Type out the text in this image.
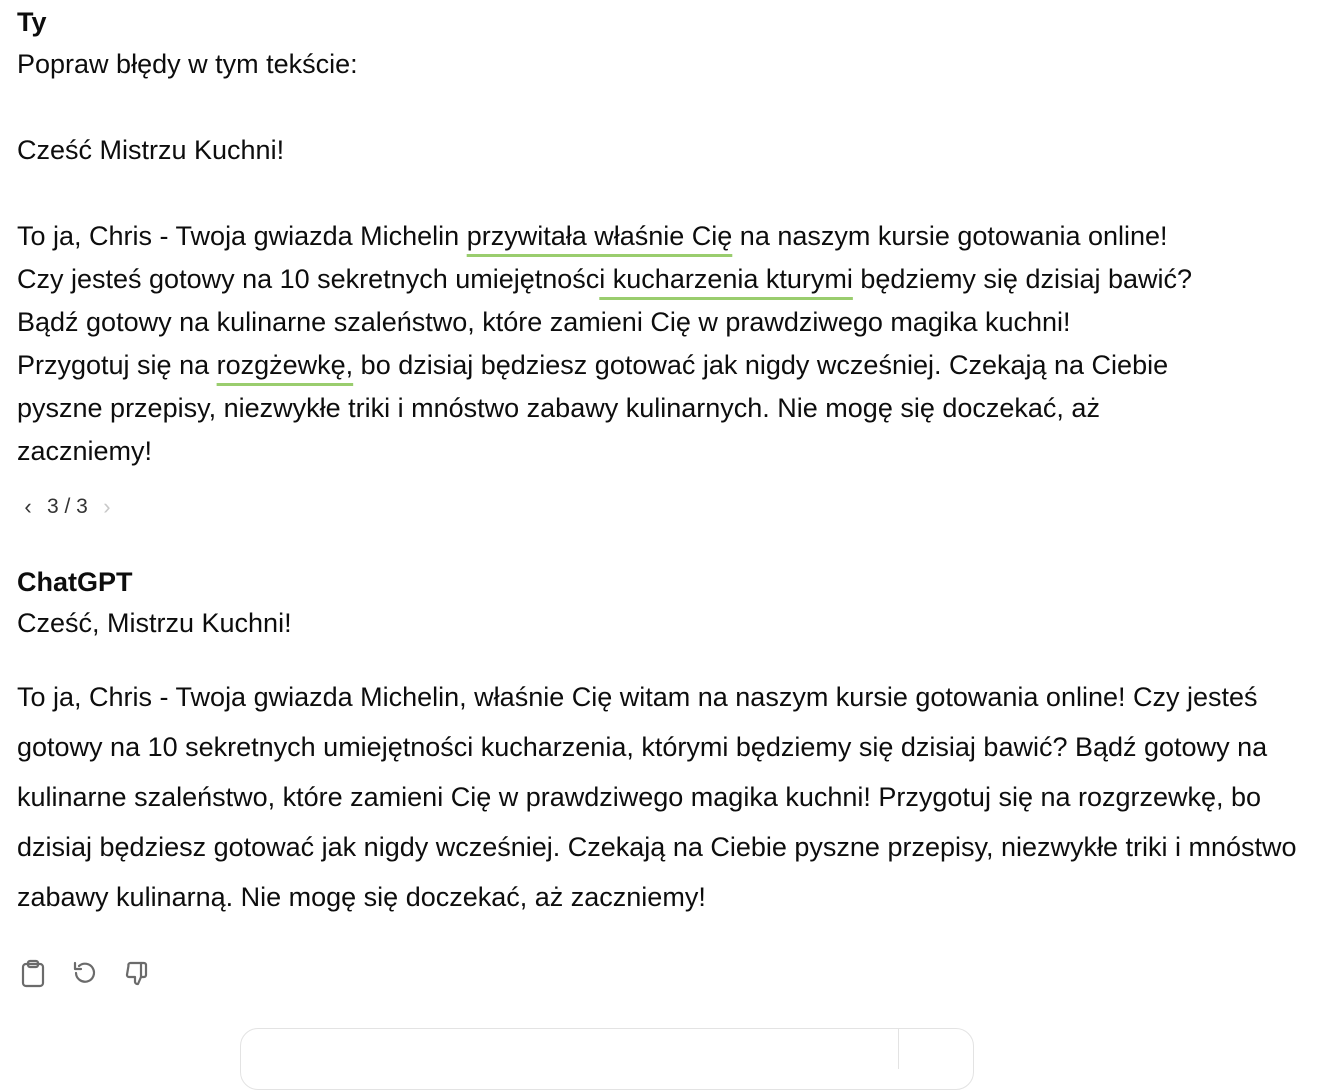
Ty

Popraw błędy w tym tekście:

Cześć Mistrzu Kuchni!

To ja, Chris - Twoja gwiazda Michelin przywitała właśnie Cię na naszym kursie gotowania online!

Czy jesteś gotowy na 10 sekretnych umiejętności kucharzenia kturymi będziemy się dzisiaj bawić?

Bądź gotowy na kulinarne szaleństwo, które zamieni Cię w prawdziwego magika kuchni!

Przygotuj się na rozgżewkę, bo dzisiaj będziesz gotować jak nigdy wcześniej. Czekają na Ciebie

pyszne przepisy, niezwykłe triki i mnóstwo zabawy kulinarnych. Nie mogę się doczekać, aż

zaczniemy!

‹ 3 / 3 ›
ChatGPT

Cześć, Mistrzu Kuchni!

To ja, Chris - Twoja gwiazda Michelin, właśnie Cię witam na naszym kursie gotowania online! Czy jesteś gotowy na 10 sekretnych umiejętności kucharzenia, którymi będziemy się dzisiaj bawić? Bądź gotowy na kulinarne szaleństwo, które zamieni Cię w prawdziwego magika kuchni! Przygotuj się na rozgrzewkę, bo dzisiaj będziesz gotować jak nigdy wcześniej. Czekają na Ciebie pyszne przepisy, niezwykłe triki i mnóstwo zabawy kulinarną. Nie mogę się doczekać, aż zaczniemy!
